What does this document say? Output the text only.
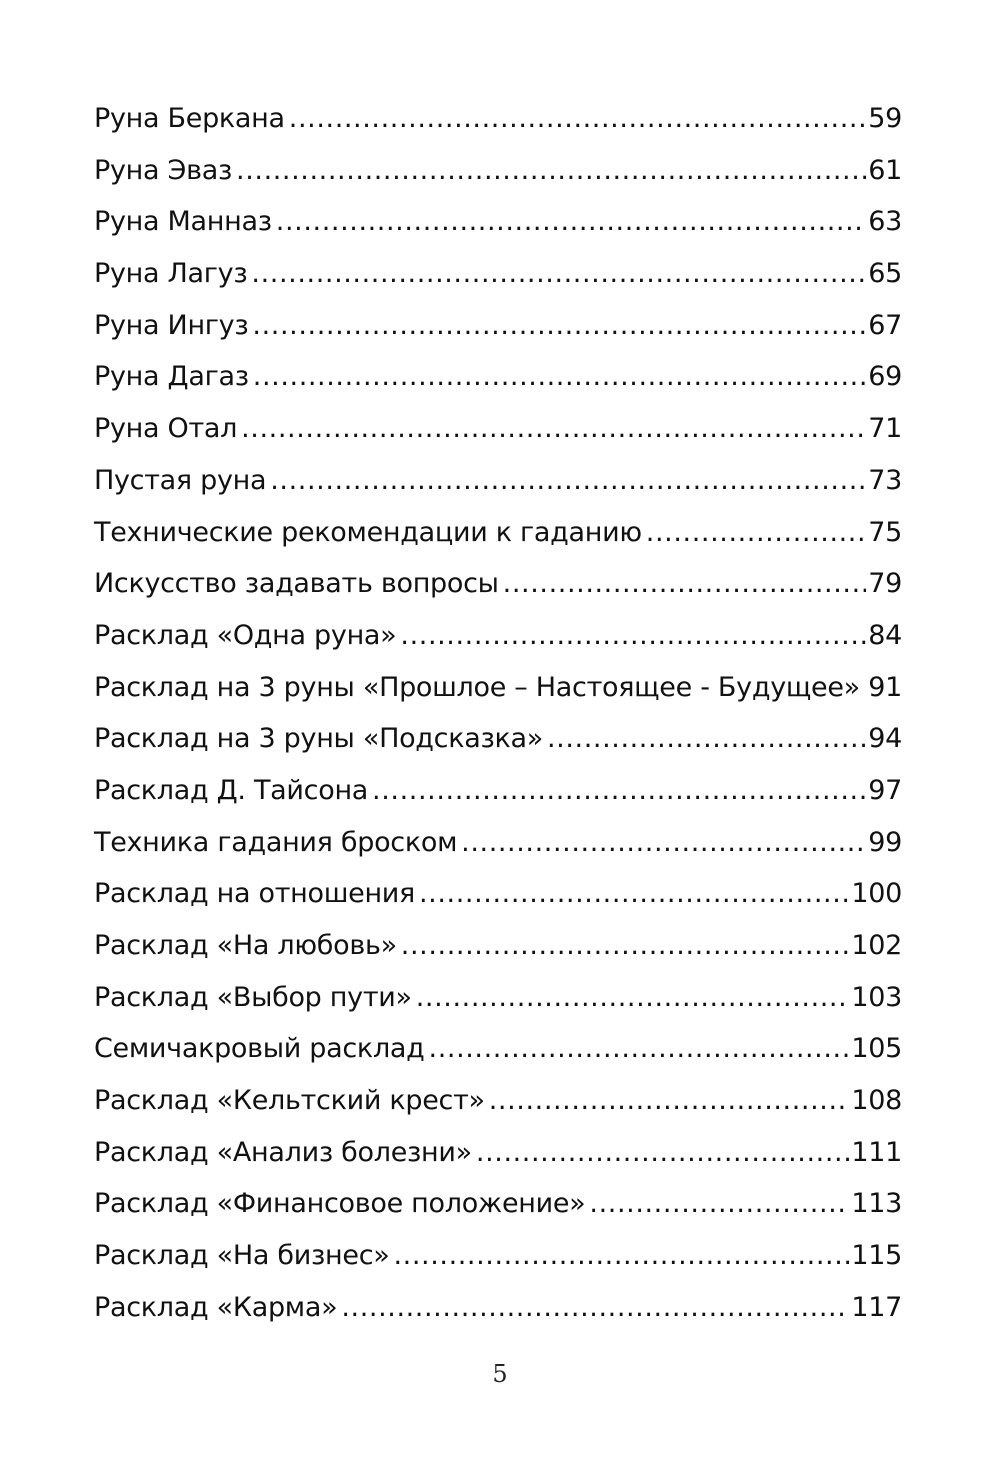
Руна Беркана .....	59
Руна Эваз .....	61
Руна Манназ .....	63
Руна Лагуз .....	65
Руна Ингуз .....	67
Руна Дагаз .....	69
Руна Отал .....	71
Пустая руна .....	73
Технические рекомендации к гаданию .....	75
Искусство задавать вопросы .....	79
Расклад «Одна руна» .....	84
Расклад на 3 руны «Прошлое – Настоящее - Будущее» ..... 91
Расклад на 3 руны «Подсказка» .....	94
Расклад Д. Тайсона .....	97
Техника гадания броском .....	99
Расклад на отношения .....	100
Расклад «На любовь» .....	102
Расклад «Выбор пути» .....	103
Семичакровый расклад .....	105
Расклад «Кельтский крест» .....	108
Расклад «Анализ болезни» .....	111
Расклад «Финансовое положение» .....	113
Расклад «На бизнес» .....	115
Расклад «Карма» .....	117
5
